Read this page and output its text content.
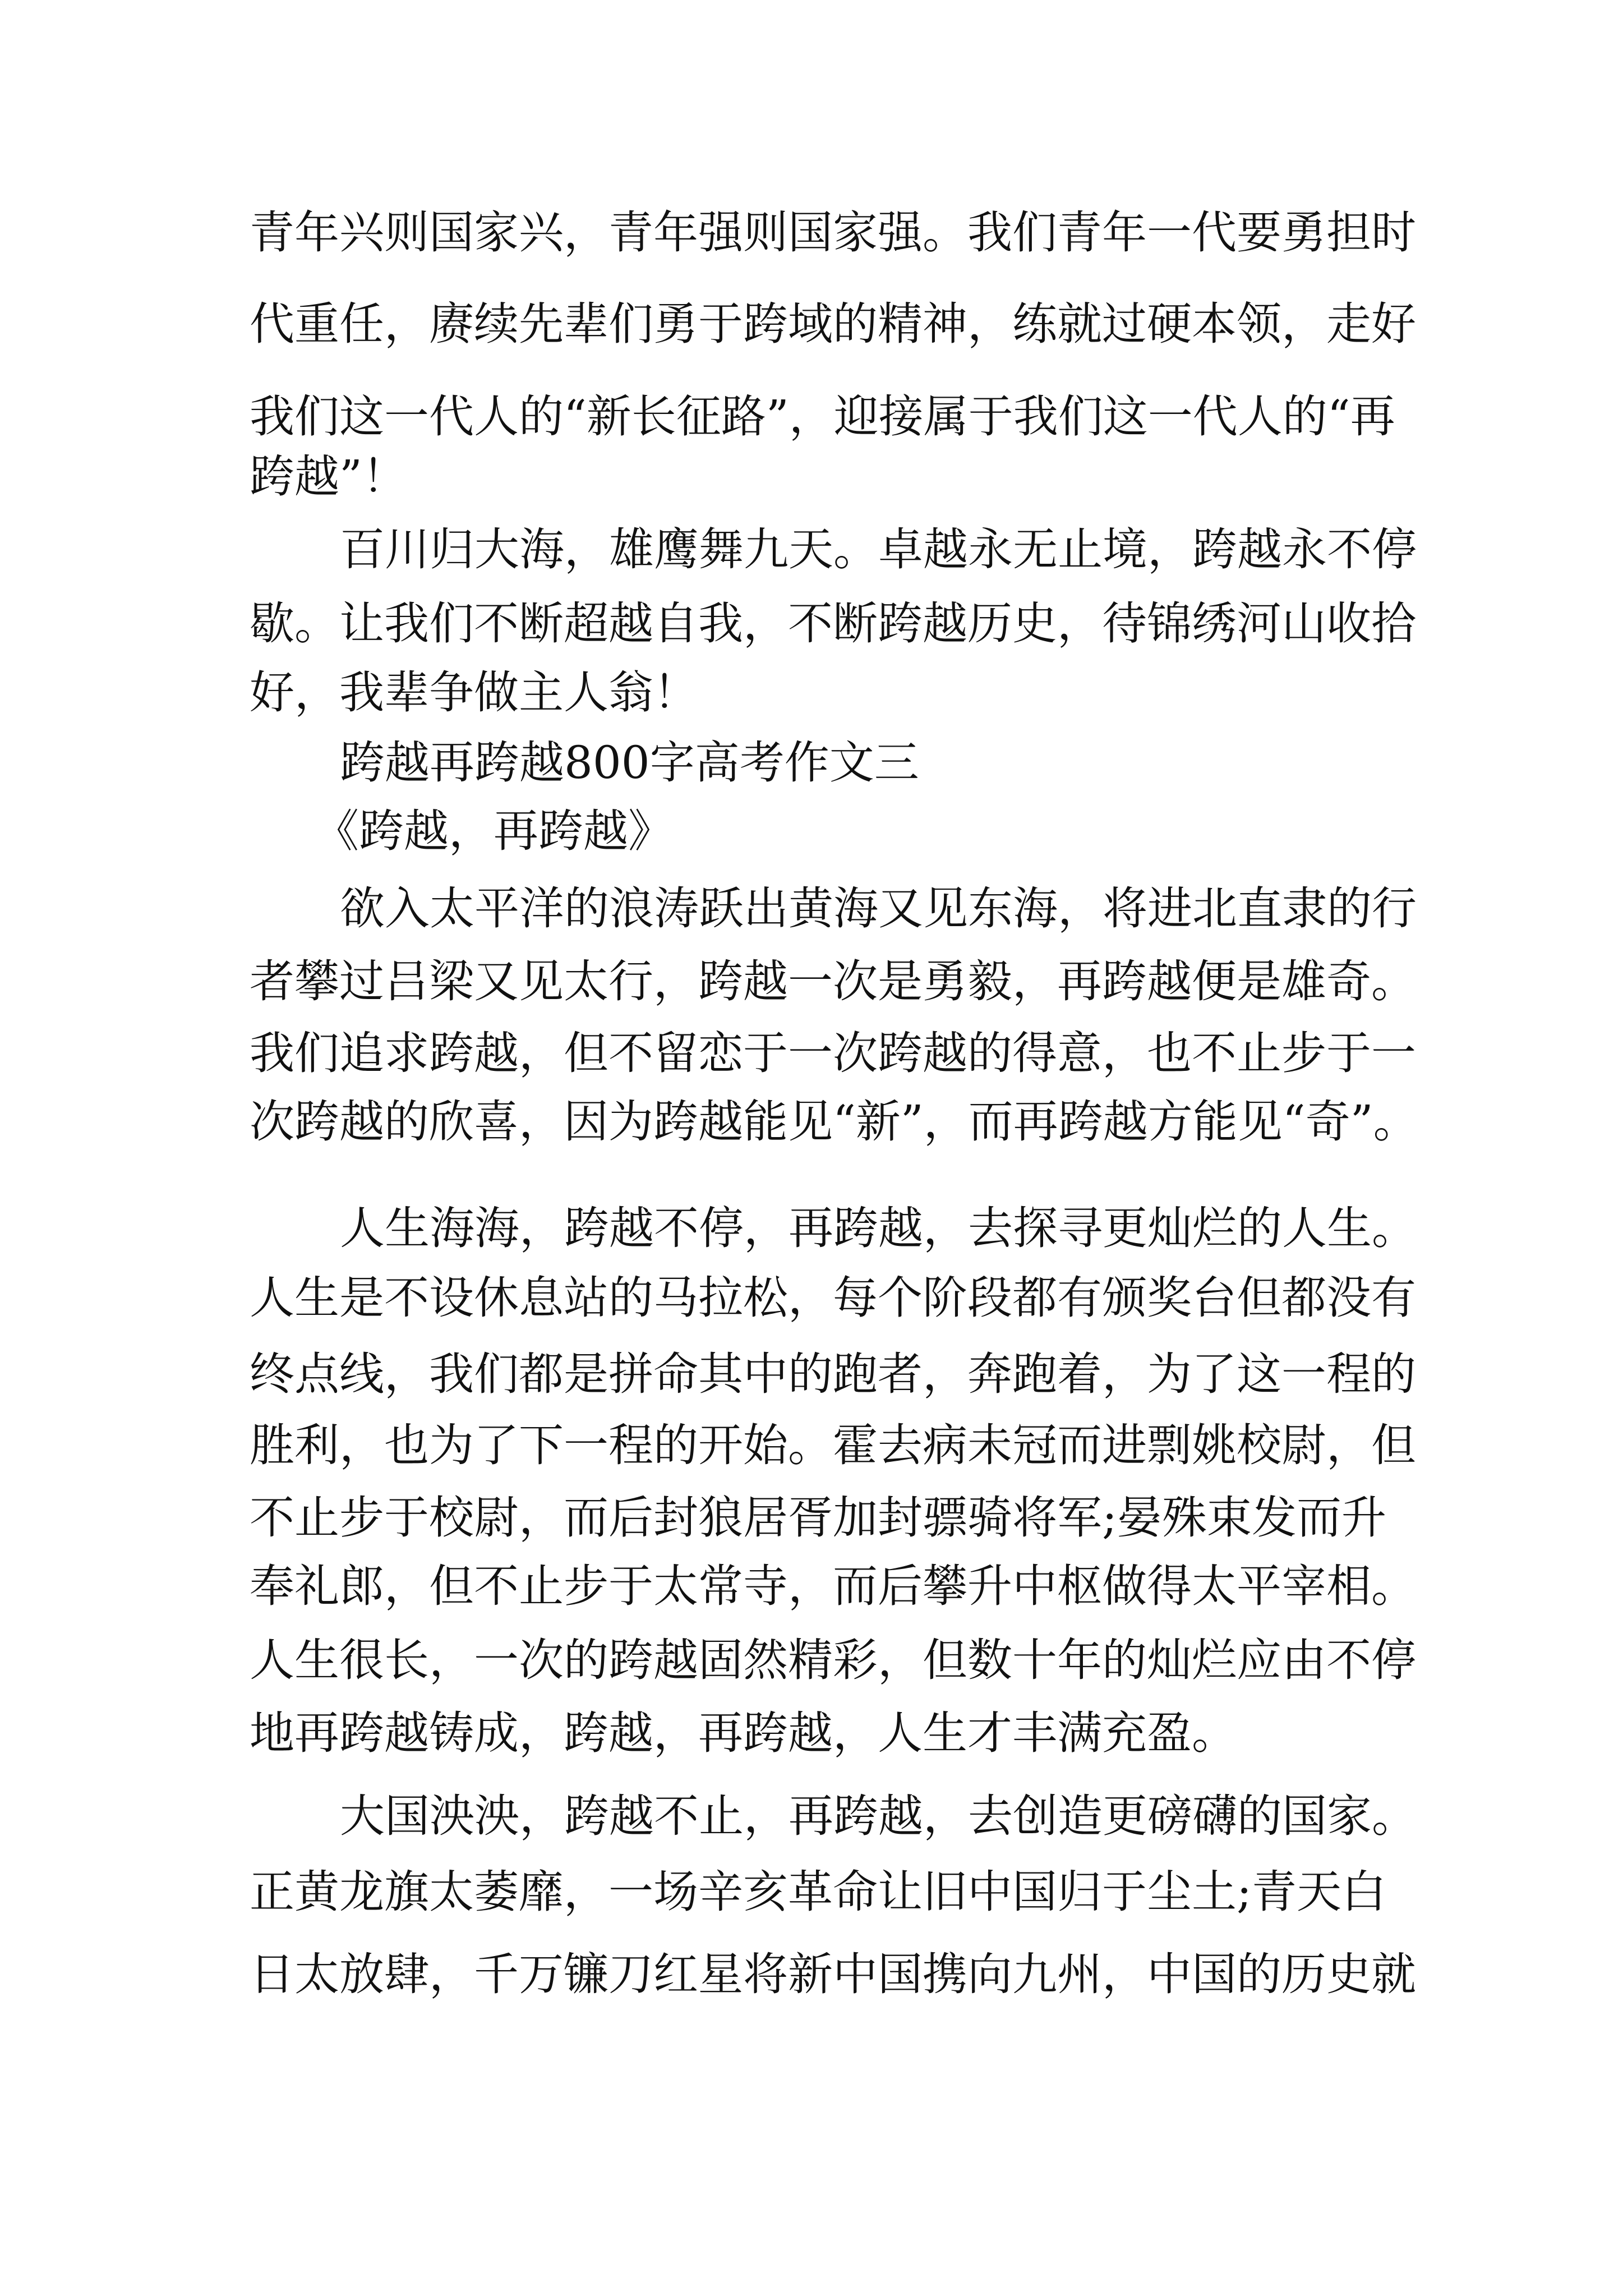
青年兴则国家兴，青年强则国家强。我们青年一代要勇担时

代重任，赓续先辈们勇于跨域的精神，练就过硬本领，走好

我们这一代人的“新长征路”，迎接属于我们这一代人的“再

跨越”！

百川归大海，雄鹰舞九天。卓越永无止境，跨越永不停

歇。让我们不断超越自我，不断跨越历史，待锦绣河山收拾

好，我辈争做主人翁！

跨越再跨越800字高考作文三

《跨越，再跨越》

欲入太平洋的浪涛跃出黄海又见东海，将进北直隶的行

者攀过吕梁又见太行，跨越一次是勇毅，再跨越便是雄奇。

我们追求跨越，但不留恋于一次跨越的得意，也不止步于一

次跨越的欣喜，因为跨越能见“新”，而再跨越方能见“奇”。

人生海海，跨越不停，再跨越，去探寻更灿烂的人生。

人生是不设休息站的马拉松，每个阶段都有颁奖台但都没有

终点线，我们都是拼命其中的跑者，奔跑着，为了这一程的

胜利，也为了下一程的开始。霍去病未冠而进剽姚校尉，但

不止步于校尉，而后封狼居胥加封骠骑将军;晏殊束发而升

奉礼郎，但不止步于太常寺，而后攀升中枢做得太平宰相。

人生很长，一次的跨越固然精彩，但数十年的灿烂应由不停

地再跨越铸成，跨越，再跨越，人生才丰满充盈。

大国泱泱，跨越不止，再跨越，去创造更磅礴的国家。

正黄龙旗太萎靡，一场辛亥革命让旧中国归于尘土;青天白

日太放肆，千万镰刀红星将新中国携向九州，中国的历史就
